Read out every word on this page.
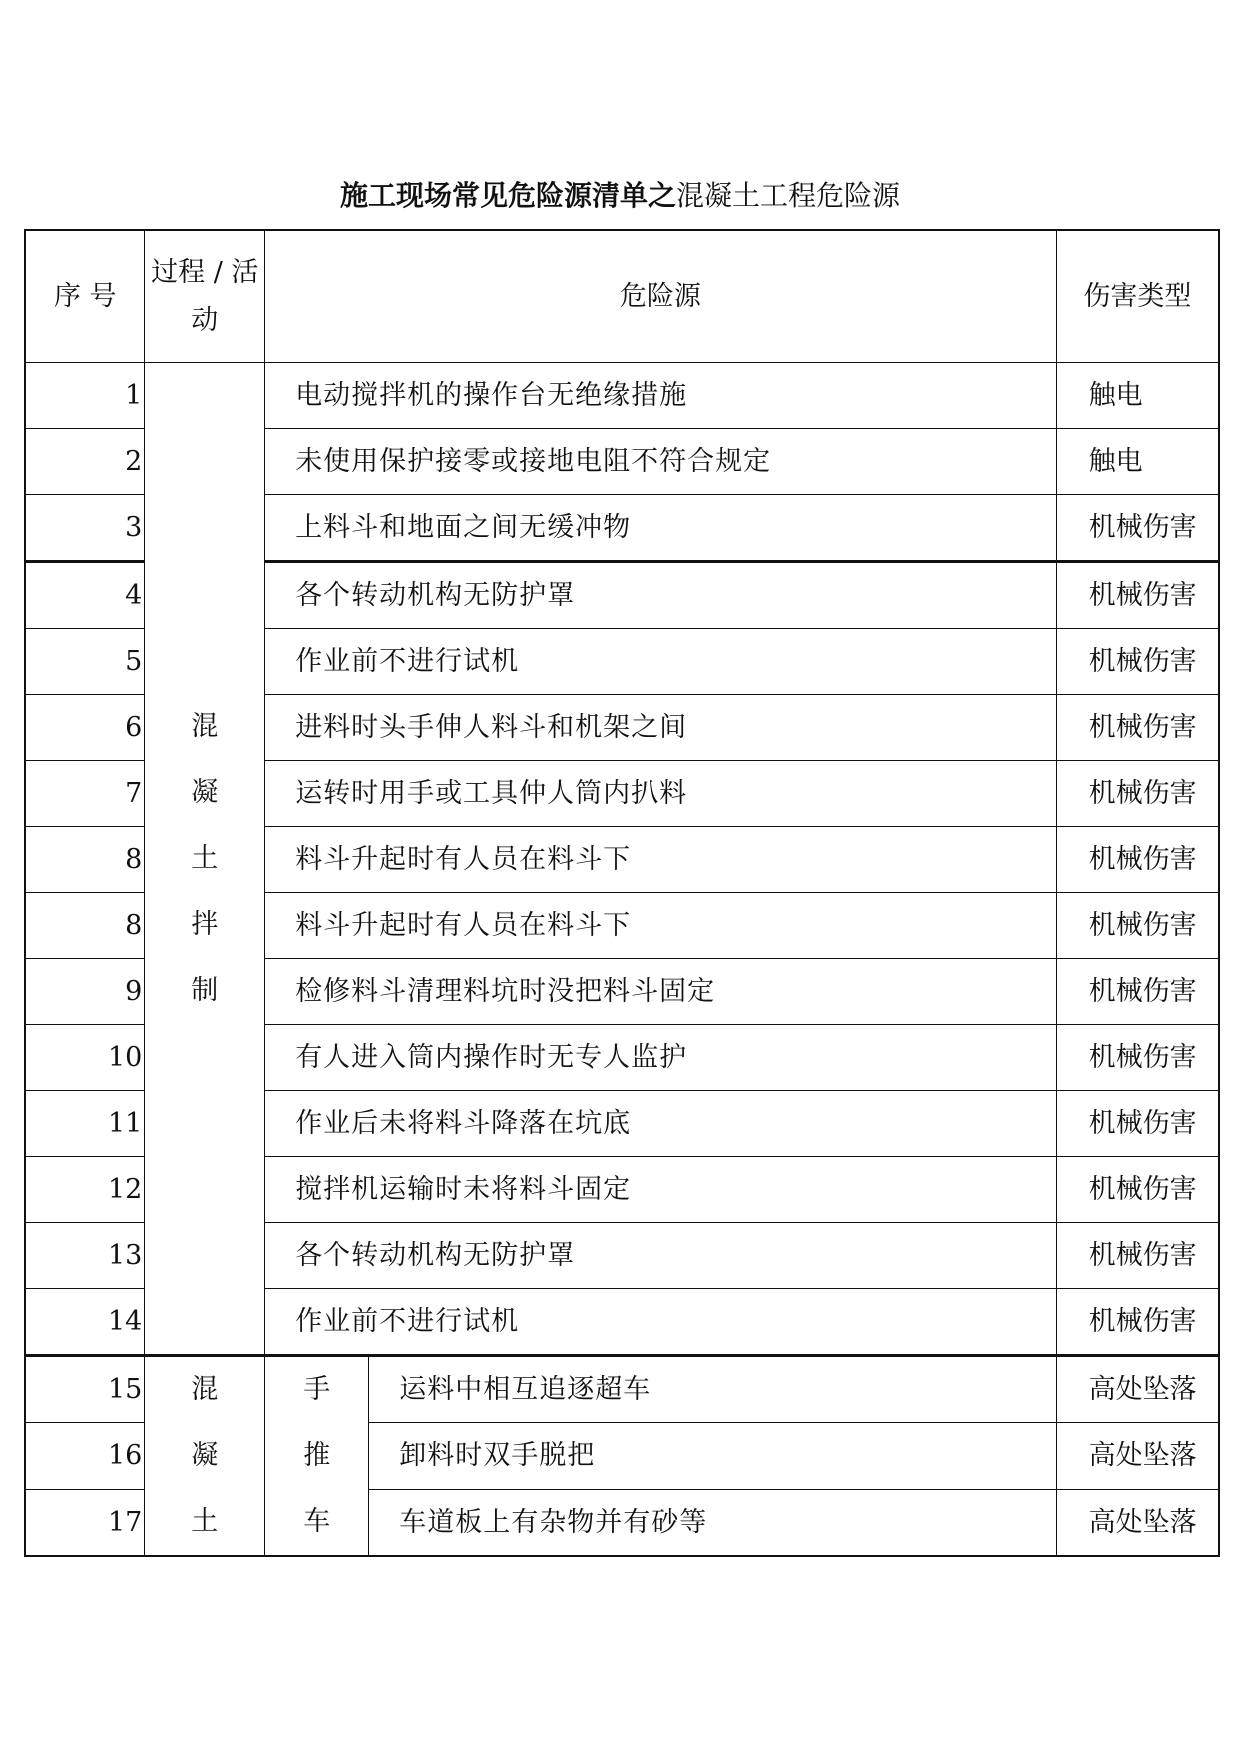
施工现场常见危险源清单之混凝土工程危险源
序 号	过程 / 活动	危险源		伤害类型
1	混凝土拌制	电动搅拌机的操作台无绝缘措施		触电
2		未使用保护接零或接地电阻不符合规定		触电
3		上料斗和地面之间无缓冲物		机械伤害
4		各个转动机构无防护罩		机械伤害
5		作业前不进行试机		机械伤害
6		进料时头手伸人料斗和机架之间		机械伤害
7		运转时用手或工具仲人筒内扒料		机械伤害
8		料斗升起时有人员在料斗下		机械伤害
8		料斗升起时有人员在料斗下		机械伤害
9		检修料斗清理料坑时没把料斗固定		机械伤害
10		有人进入筒内操作时无专人监护		机械伤害
11		作业后未将料斗降落在坑底		机械伤害
12		搅拌机运输时未将料斗固定		机械伤害
13		各个转动机构无防护罩		机械伤害
14		作业前不进行试机		机械伤害
15	混凝土	手推车	运料中相互追逐超车	高处坠落
16			卸料时双手脱把	高处坠落
17			车道板上有杂物并有砂等	高处坠落
